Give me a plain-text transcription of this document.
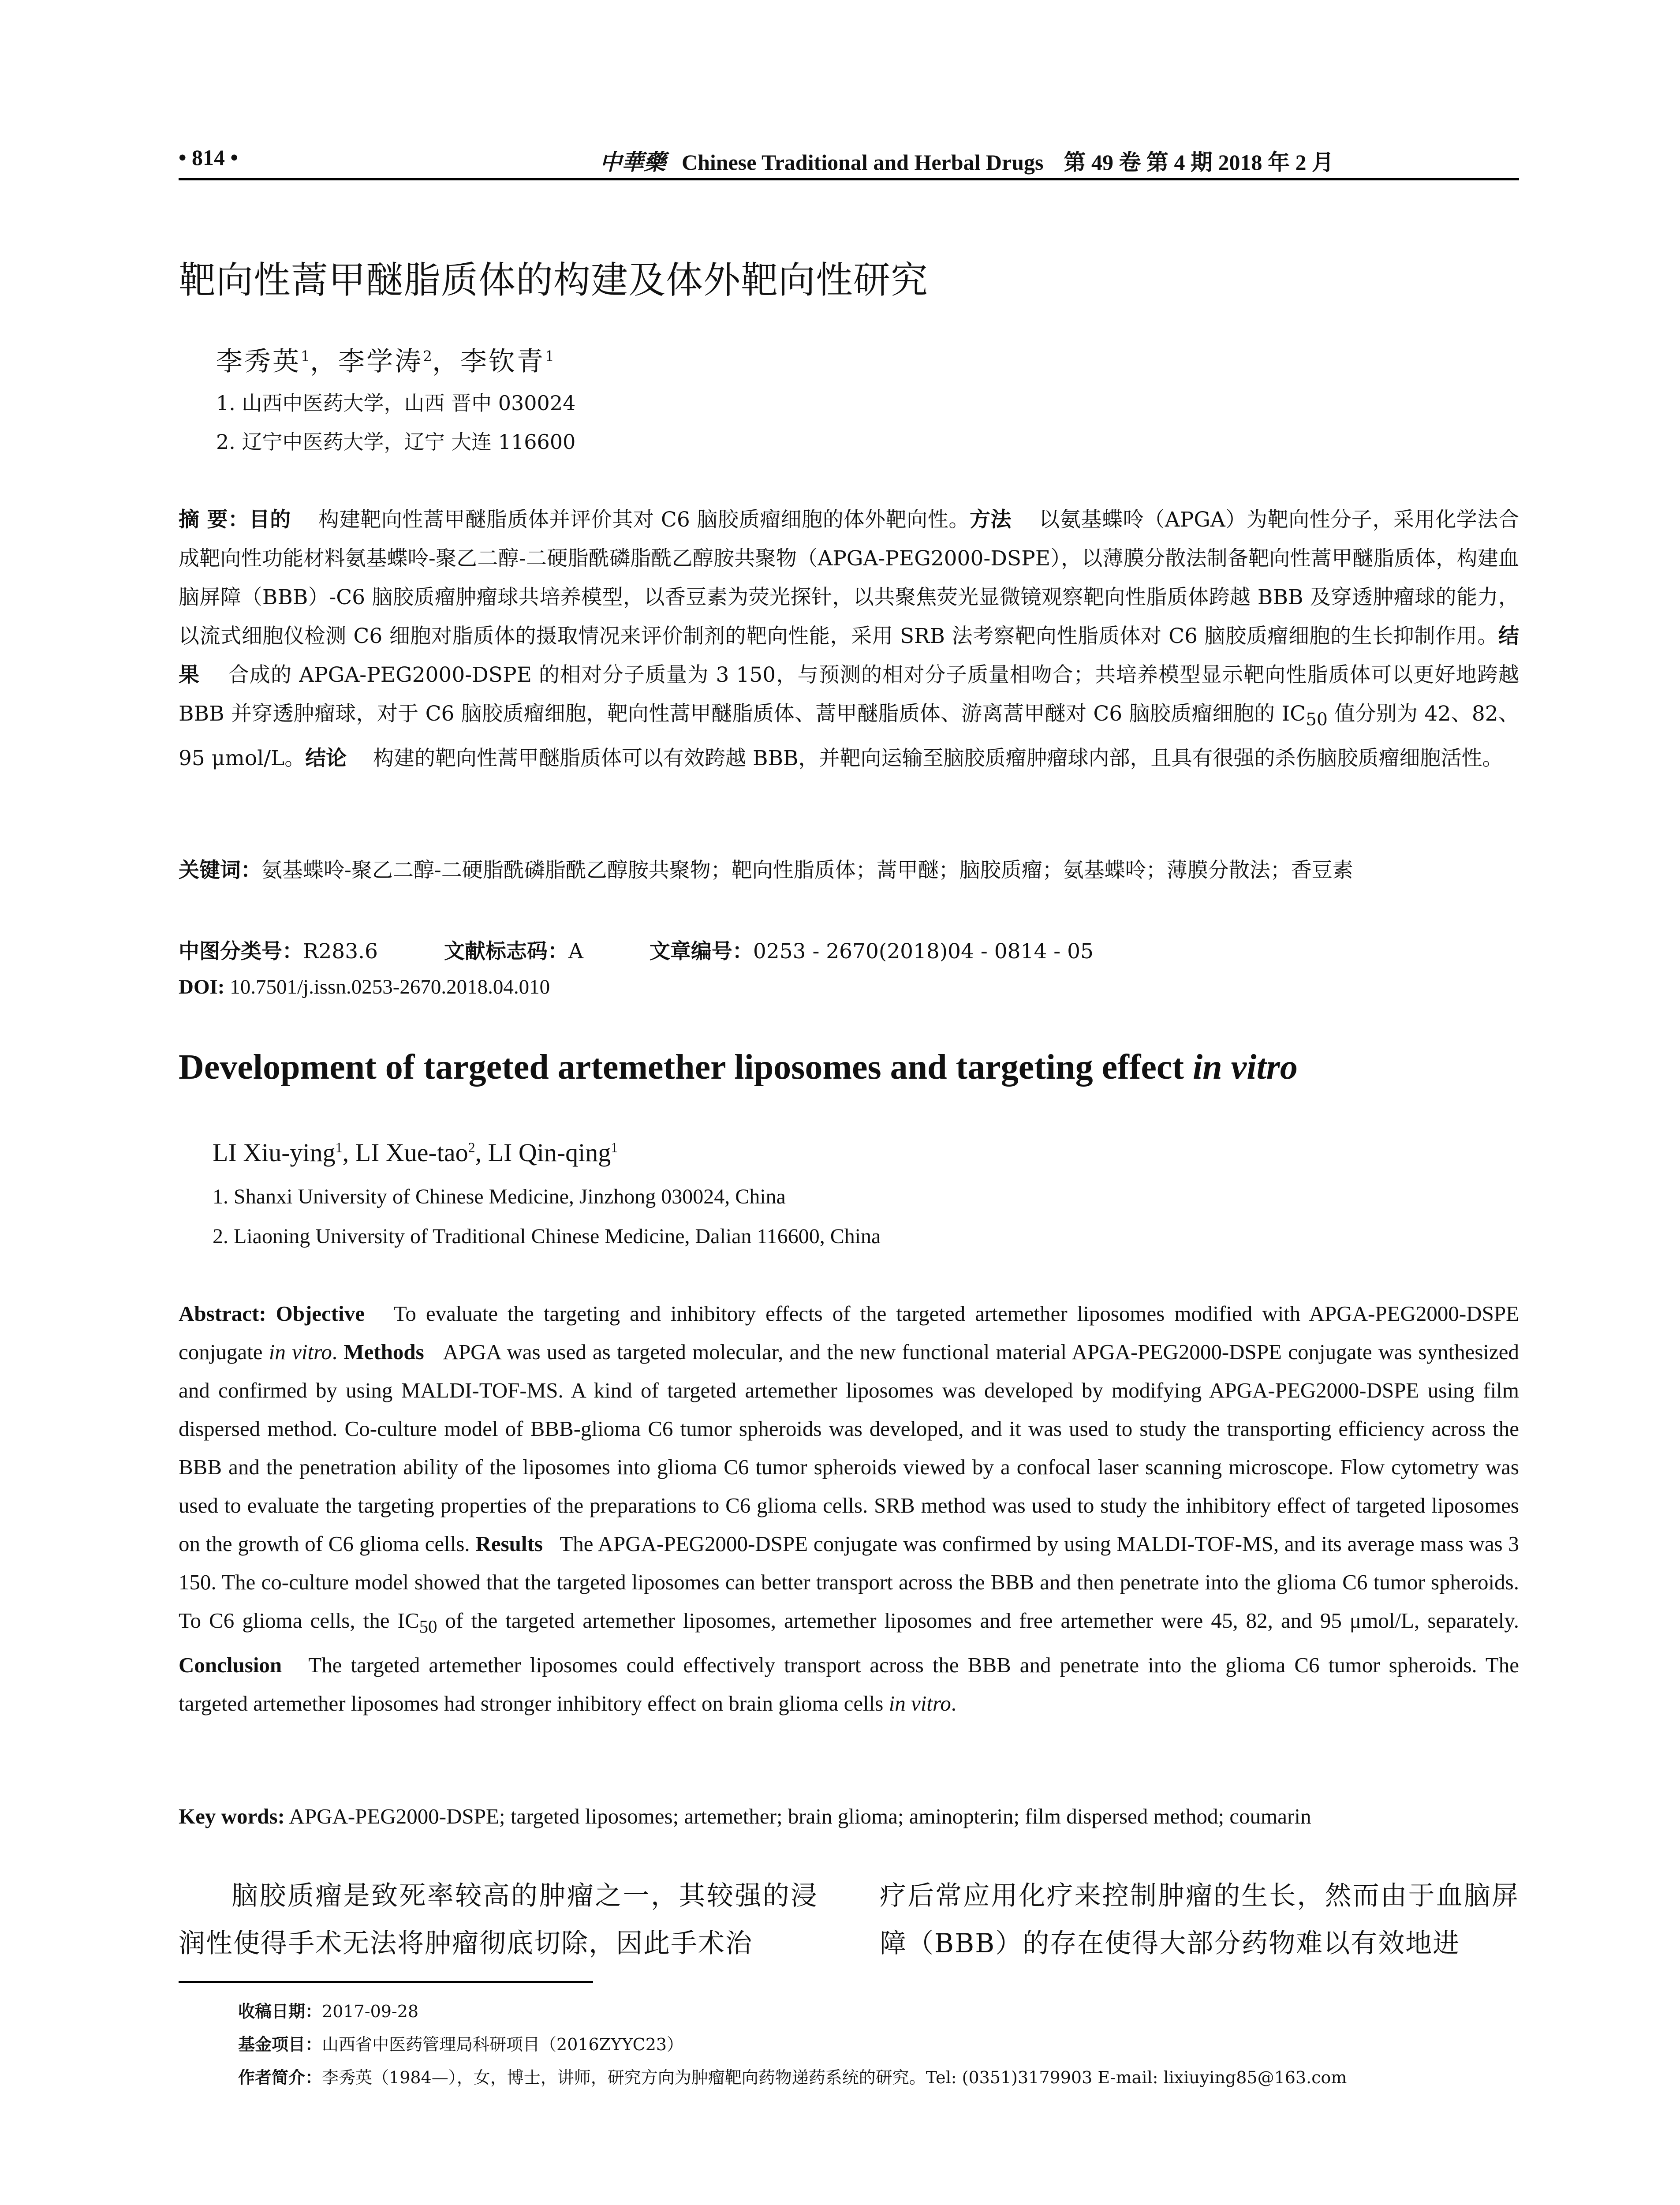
• 814 •	中華藥 Chinese Traditional and Herbal Drugs 第 49 卷 第 4 期 2018 年 2 月
靶向性蒿甲醚脂质体的构建及体外靶向性研究
李秀英$^1$，李学涛$^2$，李钦青$^1$
1. 山西中医药大学，山西 晋中 030024
2. 辽宁中医药大学，辽宁 大连 116600
摘 要：目的 构建靶向性蒿甲醚脂质体并评价其对 C6 脑胶质瘤细胞的体外靶向性。方法 以氨基蝶呤（APGA）为靶向性分子，采用化学法合成靶向性功能材料氨基蝶呤-聚乙二醇-二硬脂酰磷脂酰乙醇胺共聚物（APGA-PEG2000-DSPE），以薄膜分散法制备靶向性蒿甲醚脂质体，构建血脑屏障（BBB）-C6 脑胶质瘤肿瘤球共培养模型，以香豆素为荧光探针，以共聚焦荧光显微镜观察靶向性脂质体跨越 BBB 及穿透肿瘤球的能力，以流式细胞仪检测 C6 细胞对脂质体的摄取情况来评价制剂的靶向性能，采用 SRB 法考察靶向性脂质体对 C6 脑胶质瘤细胞的生长抑制作用。结果 合成的 APGA-PEG2000-DSPE 的相对分子质量为 3 150，与预测的相对分子质量相吻合；共培养模型显示靶向性脂质体可以更好地跨越 BBB 并穿透肿瘤球，对于 C6 脑胶质瘤细胞，靶向性蒿甲醚脂质体、蒿甲醚脂质体、游离蒿甲醚对 C6 脑胶质瘤细胞的 $IC_{50}$ 值分别为 42、82、95 μmol/L。结论 构建的靶向性蒿甲醚脂质体可以有效跨越 BBB，并靶向运输至脑胶质瘤肿瘤球内部，且具有很强的杀伤脑胶质瘤细胞活性。
关键词：氨基蝶呤-聚乙二醇-二硬脂酰磷脂酰乙醇胺共聚物；靶向性脂质体；蒿甲醚；脑胶质瘤；氨基蝶呤；薄膜分散法；香豆素
中图分类号：R283.6	文献标志码：A	文章编号：0253 - 2670(2018)04 - 0814 - 05
DOI: 10.7501/j.issn.0253-2670.2018.04.010
Development of targeted artemether liposomes and targeting effect in vitro
LI Xiu-ying$^1$, LI Xue-tao$^2$, LI Qin-qing$^1$
1. Shanxi University of Chinese Medicine, Jinzhong 030024, China
2. Liaoning University of Traditional Chinese Medicine, Dalian 116600, China
Abstract: Objective To evaluate the targeting and inhibitory effects of the targeted artemether liposomes modified with APGA-PEG2000-DSPE conjugate in vitro. Methods APGA was used as targeted molecular, and the new functional material APGA-PEG2000-DSPE conjugate was synthesized and confirmed by using MALDI-TOF-MS. A kind of targeted artemether liposomes was developed by modifying APGA-PEG2000-DSPE using film dispersed method. Co-culture model of BBB-glioma C6 tumor spheroids was developed, and it was used to study the transporting efficiency across the BBB and the penetration ability of the liposomes into glioma C6 tumor spheroids viewed by a confocal laser scanning microscope. Flow cytometry was used to evaluate the targeting properties of the preparations to C6 glioma cells. SRB method was used to study the inhibitory effect of targeted liposomes on the growth of C6 glioma cells. Results The APGA-PEG2000-DSPE conjugate was confirmed by using MALDI-TOF-MS, and its average mass was 3 150. The co-culture model showed that the targeted liposomes can better transport across the BBB and then penetrate into the glioma C6 tumor spheroids. To C6 glioma cells, the $IC_{50}$ of the targeted artemether liposomes, artemether liposomes and free artemether were 45, 82, and 95 μmol/L, separately. Conclusion The targeted artemether liposomes could effectively transport across the BBB and penetrate into the glioma C6 tumor spheroids. The targeted artemether liposomes had stronger inhibitory effect on brain glioma cells in vitro.
Key words: APGA-PEG2000-DSPE; targeted liposomes; artemether; brain glioma; aminopterin; film dispersed method; coumarin
脑胶质瘤是致死率较高的肿瘤之一，其较强的浸润性使得手术无法将肿瘤彻底切除，因此手术治
疗后常应用化疗来控制肿瘤的生长，然而由于血脑屏障（BBB）的存在使得大部分药物难以有效地进
收稿日期：2017-09-28
基金项目：山西省中医药管理局科研项目（2016ZYYC23）
作者简介：李秀英（1984—），女，博士，讲师，研究方向为肿瘤靶向药物递药系统的研究。Tel: (0351)3179903 E-mail: lixiuying85@163.com
